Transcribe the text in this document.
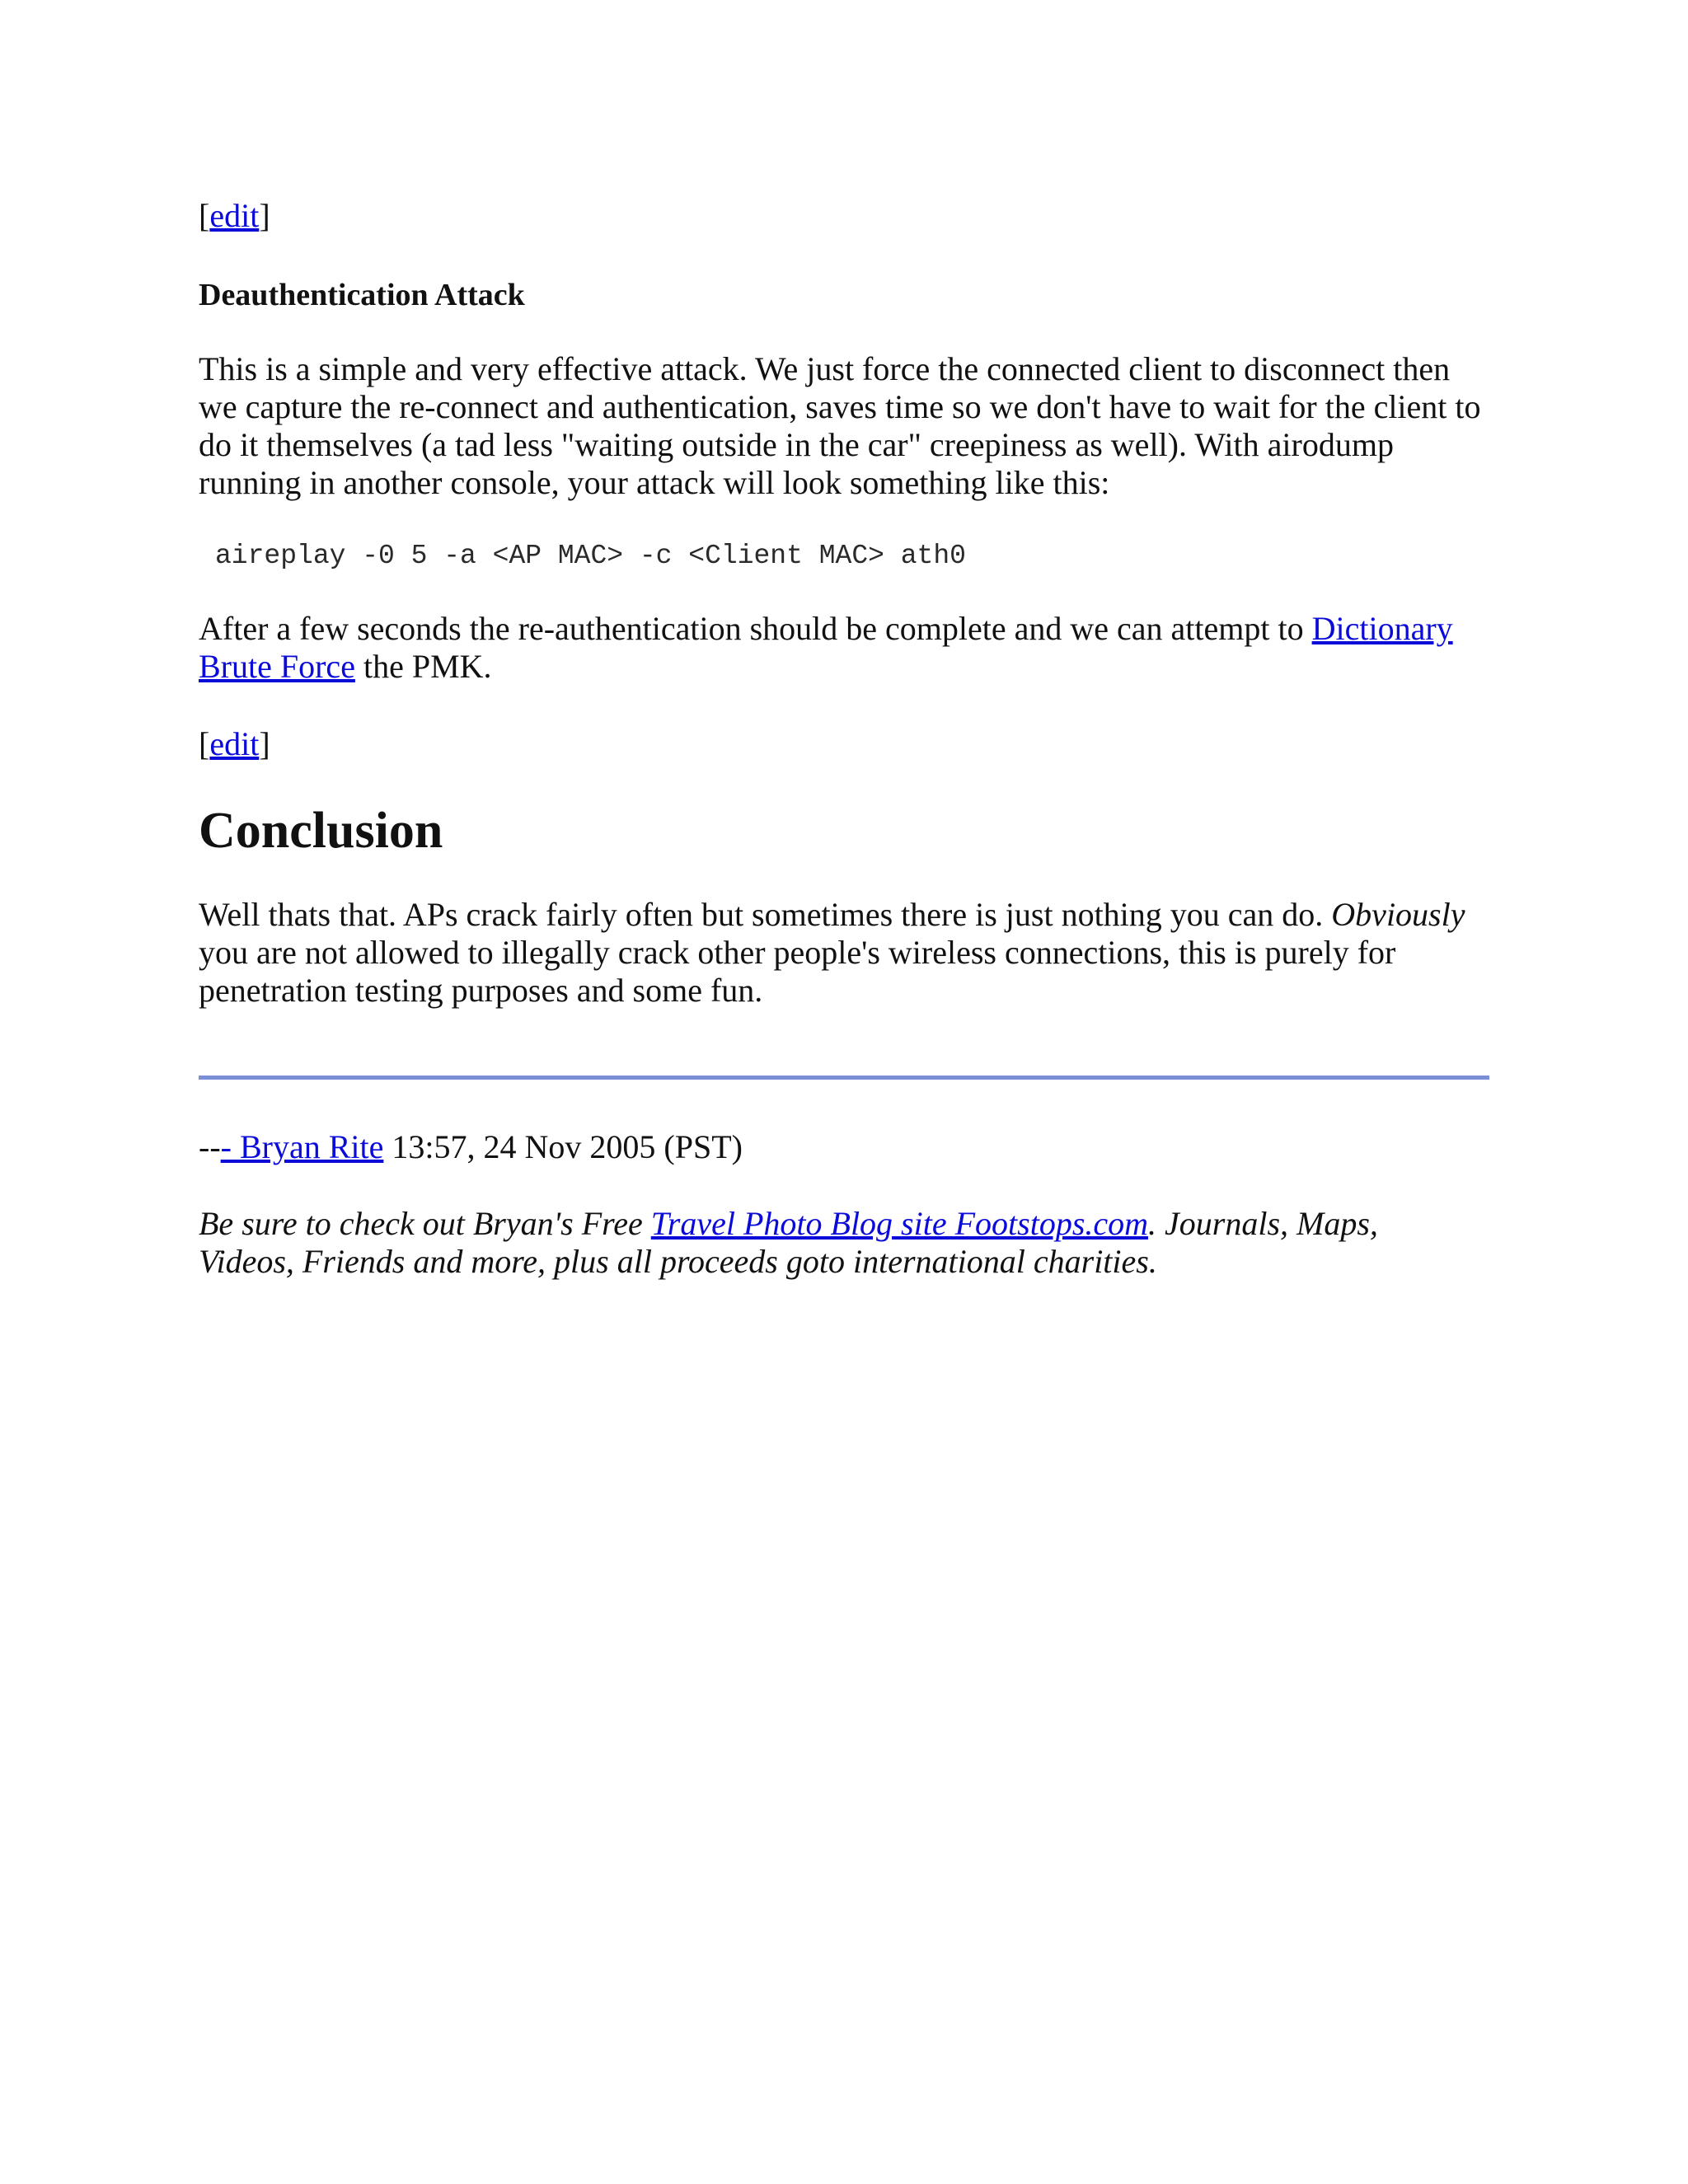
[edit]
Deauthentication Attack
This is a simple and very effective attack. We just force the connected client to disconnect then
we capture the re-connect and authentication, saves time so we don't have to wait for the client to
do it themselves (a tad less "waiting outside in the car" creepiness as well). With airodump
running in another console, your attack will look something like this:
aireplay -0 5 -a <AP MAC> -c <Client MAC> ath0
After a few seconds the re-authentication should be complete and we can attempt to Dictionary
Brute Force the PMK.
[edit]
Conclusion
Well thats that. APs crack fairly often but sometimes there is just nothing you can do. Obviously
you are not allowed to illegally crack other people's wireless connections, this is purely for
penetration testing purposes and some fun.
--- Bryan Rite 13:57, 24 Nov 2005 (PST)
Be sure to check out Bryan's Free Travel Photo Blog site Footstops.com. Journals, Maps,
Videos, Friends and more, plus all proceeds goto international charities.
